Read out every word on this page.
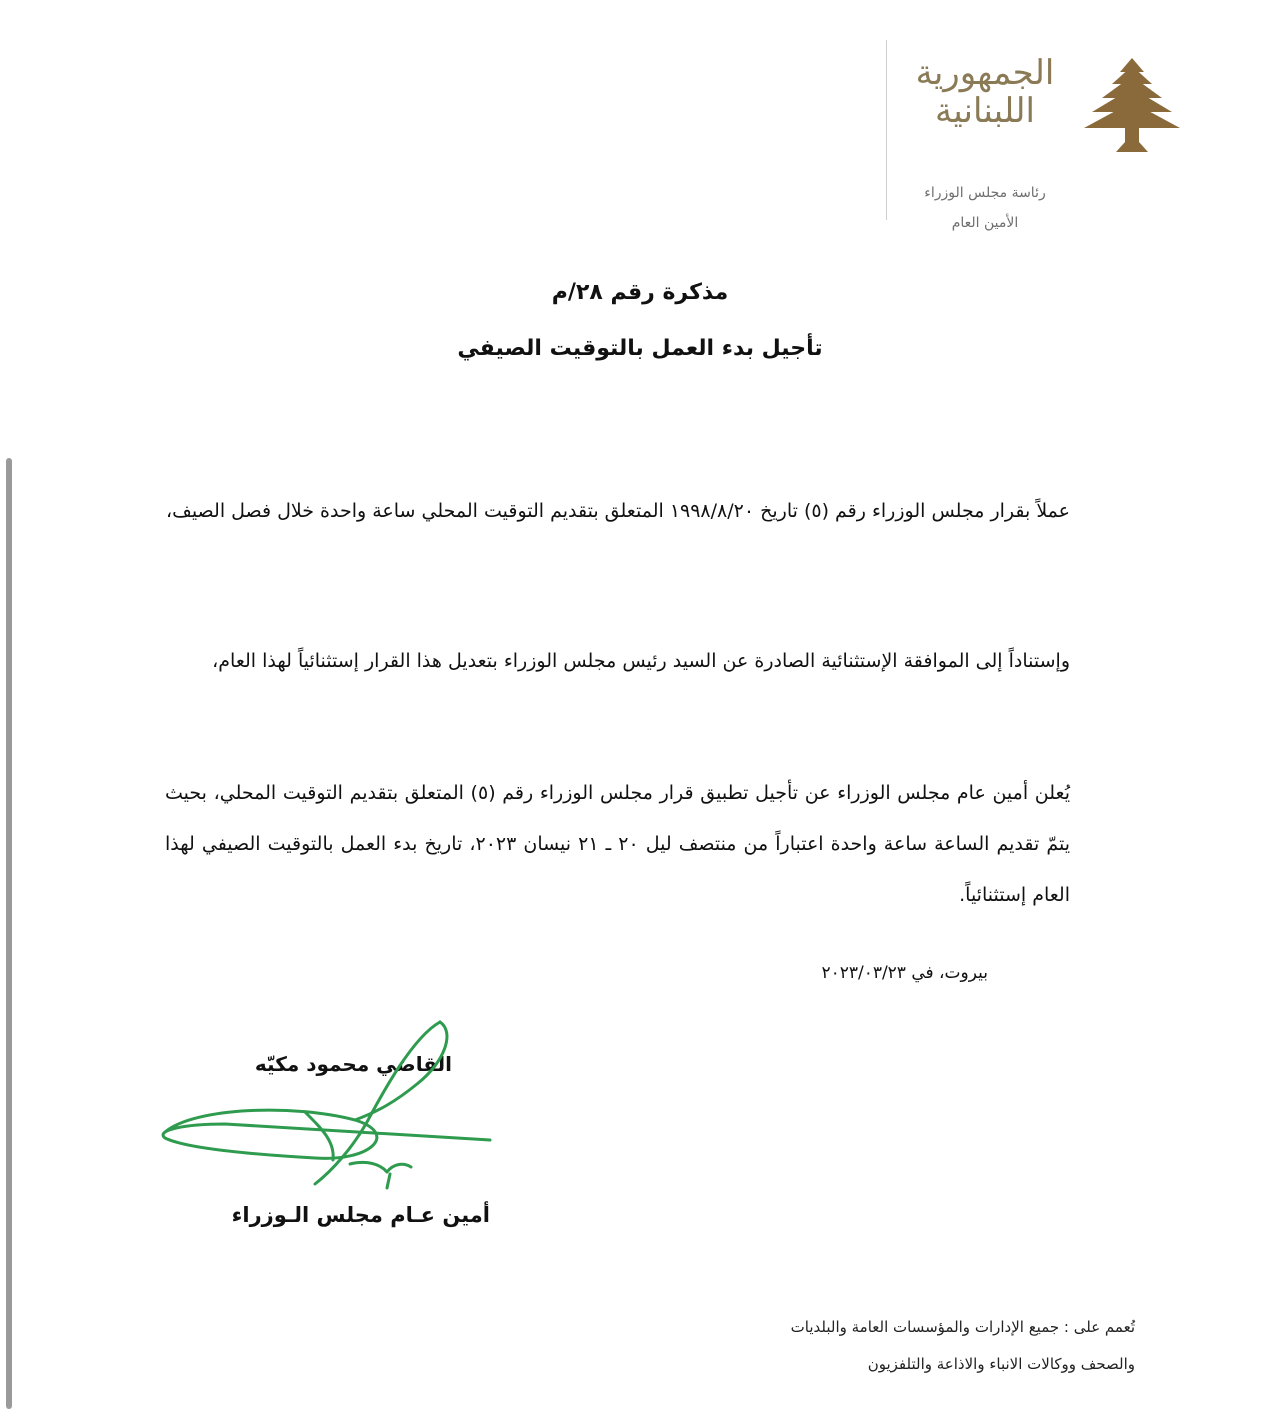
الجمهورية اللبنانية
رئاسة مجلس الوزراء
الأمين العام
مذكرة رقم ٢٨/م
تأجيل بدء العمل بالتوقيت الصيفي
عملاً بقرار مجلس الوزراء رقم (٥) تاريخ ١٩٩٨/٨/٢٠ المتعلق بتقديم التوقيت المحلي ساعة واحدة خلال فصل الصيف،
وإستناداً إلى الموافقة الإستثنائية الصادرة عن السيد رئيس مجلس الوزراء بتعديل هذا القرار إستثنائياً لهذا العام،
يُعلن أمين عام مجلس الوزراء عن تأجيل تطبيق قرار مجلس الوزراء رقم (٥) المتعلق بتقديم التوقيت المحلي، بحيث يتمّ تقديم الساعة ساعة واحدة اعتباراً من منتصف ليل ٢٠ ـ ٢١ نيسان ٢٠٢٣، تاريخ بدء العمل بالتوقيت الصيفي لهذا العام إستثنائياً.
بيروت، في ٢٠٢٣/٠٣/٢٣
القاضي محمود مكيّه
أمين عـام مجلس الـوزراء
تُعمم على : جميع الإدارات والمؤسسات العامة والبلديات
والصحف ووكالات الانباء والاذاعة والتلفزيون
